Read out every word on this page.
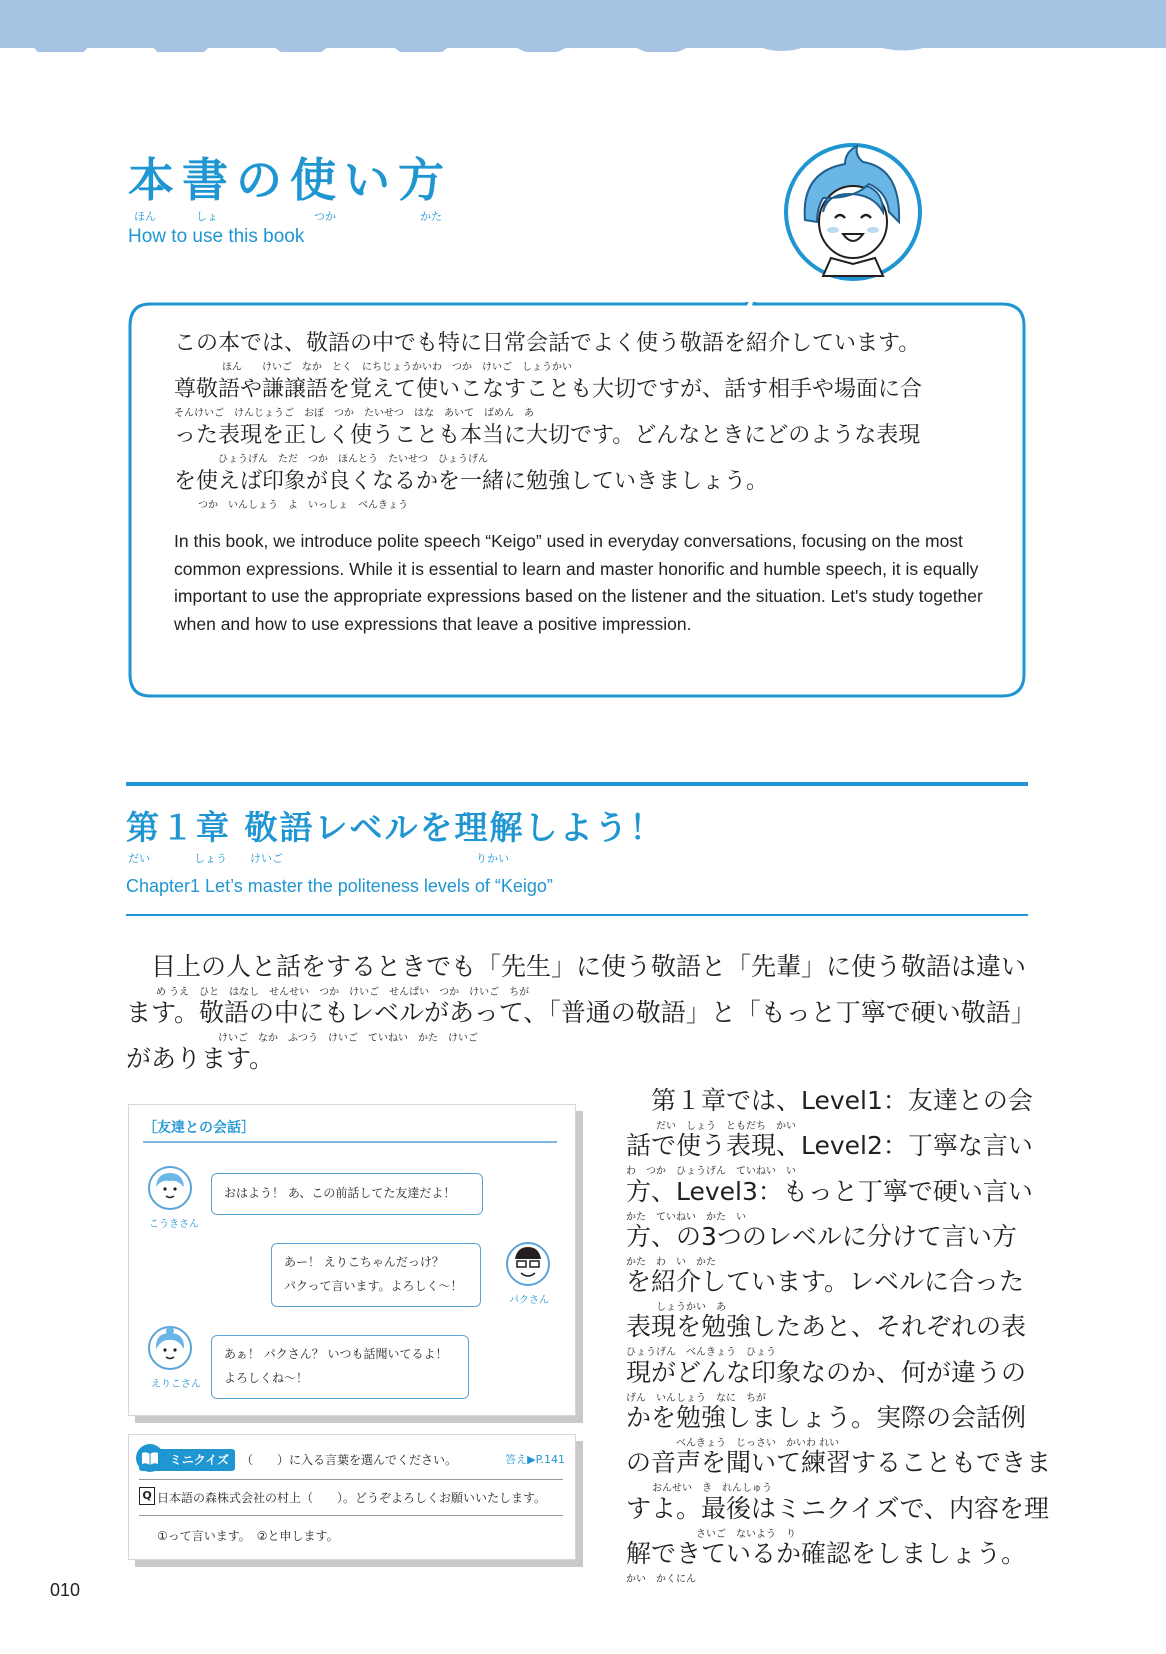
本書の使い方
ほん	しょ	つか	かた
How to use this book
この本では、敬語の中でも特に日常会話でよく使う敬語を紹介しています。
ほん　　けいご　なか　とく　にちじょうかいわ　つか　けいご　しょうかい
尊敬語や謙譲語を覚えて使いこなすことも大切ですが、話す相手や場面に合
そんけいご　けんじょうご　おぼ　つか　たいせつ　はな　あいて　ばめん　あ
った表現を正しく使うことも本当に大切です。どんなときにどのような表現
ひょうげん　ただ　つか　ほんとう　たいせつ　ひょうげん
を使えば印象が良くなるかを一緒に勉強していきましょう。
つか　いんしょう　よ　いっしょ　べんきょう
In this book, we introduce polite speech “Keigo” used in everyday conversations, focusing on the most common expressions. While it is essential to learn and master honorific and humble speech, it is equally important to use the appropriate expressions based on the listener and the situation. Let's study together when and how to use expressions that leave a positive impression.
第１章 敬語レベルを理解しよう！
だい	しょう けいご	りかい
Chapter1 Let’s master the politeness levels of “Keigo”
　目上の人と話をするときでも「先生」に使う敬語と「先輩」に使う敬語は違い
め うえ　ひと　はなし　せんせい　つか　けいご　せんぱい　つか　けいご　ちが
ます。敬語の中にもレベルがあって、「普通の敬語」と「もっと丁寧で硬い敬語」
けいご　なか　ふつう　けいご　ていねい　かた　けいご
があります。
　第１章では、Level1：友達との会
だい　しょう　ともだち　かい
話で使う表現、Level2：丁寧な言い
わ　つか　ひょうげん　ていねい　い
方、Level3：もっと丁寧で硬い言い
かた　ていねい　かた　い
方、の3つのレベルに分けて言い方
かた　わ　い　かた
を紹介しています。レベルに合った
しょうかい　あ
表現を勉強したあと、それぞれの表
ひょうげん　べんきょう　ひょう
現がどんな印象なのか、何が違うの
げん　いんしょう　なに　ちが
かを勉強しましょう。実際の会話例
べんきょう　じっさい　かいわ れい
の音声を聞いて練習することもできま
おんせい　き　れんしゅう
すよ。最後はミニクイズで、内容を理
さいご　ないよう　り
解できているか確認をしましょう。
かい　かくにん
［友達との会話］
こうきさん
おはよう！ あ、この前話してた友達だよ！
パクさん
あー！ えりこちゃんだっけ？
パクって言います。よろしく〜！
えりこさん
あぁ！ パクさん？ いつも話聞いてるよ！
よろしくね〜！
ミニクイズ	（　　）に入る言葉を選んでください。	答え▶P.141
Q 日本語の森株式会社の村上（　　）。どうぞよろしくお願いいたします。
①って言います。　②と申します。
010
